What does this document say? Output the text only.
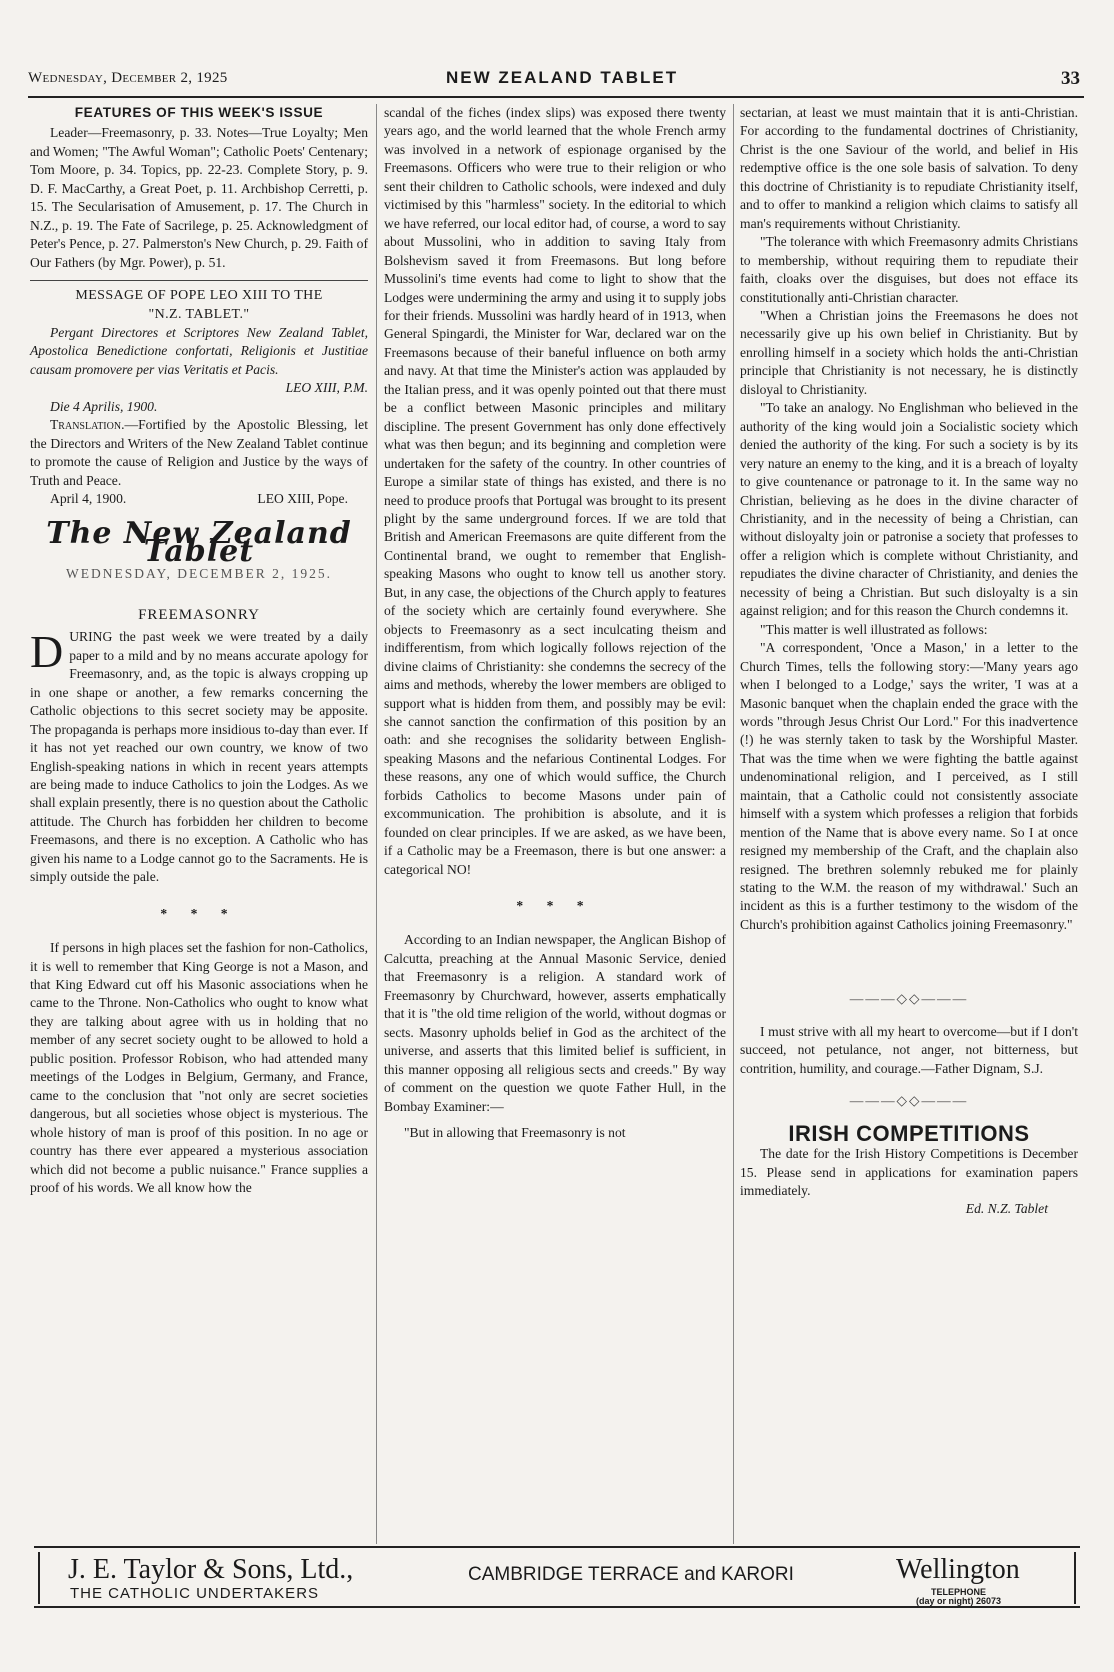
Wednesday, December 2, 1925	NEW ZEALAND TABLET	33
FEATURES OF THIS WEEK'S ISSUE

Leader—Freemasonry, p. 33. Notes—True Loyalty; Men and Women; "The Awful Woman"; Catholic Poets' Centenary; Tom Moore, p. 34. Topics, pp. 22-23. Complete Story, p. 9. D. F. MacCarthy, a Great Poet, p. 11. Archbishop Cerretti, p. 15. The Secularisation of Amusement, p. 17. The Church in N.Z., p. 19. The Fate of Sacrilege, p. 25. Acknowledgment of Peter's Pence, p. 27. Palmerston's New Church, p. 29. Faith of Our Fathers (by Mgr. Power), p. 51.

MESSAGE OF POPE LEO XIII TO THE
"N.Z. TABLET."

Pergant Directores et Scriptores New Zealand Tablet, Apostolica Benedictione confortati, Religionis et Justitiae causam promovere per vias Veritatis et Pacis.

LEO XIII, P.M.

Die 4 Aprilis, 1900.

Translation.—Fortified by the Apostolic Blessing, let the Directors and Writers of the New Zealand Tablet continue to promote the cause of Religion and Justice by the ways of Truth and Peace.

April 4, 1900.	LEO XIII, Pope.
The New Zealand Tablet
WEDNESDAY, DECEMBER 2, 1925.
FREEMASONRY

DURING the past week we were treated by a daily paper to a mild and by no means accurate apology for Freemasonry, and, as the topic is always cropping up in one shape or another, a few remarks concerning the Catholic objections to this secret society may be apposite. The propaganda is perhaps more insidious to-day than ever. If it has not yet reached our own country, we know of two English-speaking nations in which in recent years attempts are being made to induce Catholics to join the Lodges. As we shall explain presently, there is no question about the Catholic attitude. The Church has forbidden her children to become Freemasons, and there is no exception. A Catholic who has given his name to a Lodge cannot go to the Sacraments. He is simply outside the pale.

* * *

If persons in high places set the fashion for non-Catholics, it is well to remember that King George is not a Mason, and that King Edward cut off his Masonic associations when he came to the Throne. Non-Catholics who ought to know what they are talking about agree with us in holding that no member of any secret society ought to be allowed to hold a public position. Professor Robison, who had attended many meetings of the Lodges in Belgium, Germany, and France, came to the conclusion that "not only are secret societies dangerous, but all societies whose object is mysterious. The whole history of man is proof of this position. In no age or country has there ever appeared a mysterious association which did not become a public nuisance." France supplies a proof of his words. We all know how the

scandal of the fiches (index slips) was exposed there twenty years ago, and the world learned that the whole French army was involved in a network of espionage organised by the Freemasons. Officers who were true to their religion or who sent their children to Catholic schools, were indexed and duly victimised by this "harmless" society. In the editorial to which we have referred, our local editor had, of course, a word to say about Mussolini, who in addition to saving Italy from Bolshevism saved it from Freemasons. But long before Mussolini's time events had come to light to show that the Lodges were undermining the army and using it to supply jobs for their friends. Mussolini was hardly heard of in 1913, when General Spingardi, the Minister for War, declared war on the Freemasons because of their baneful influence on both army and navy. At that time the Minister's action was applauded by the Italian press, and it was openly pointed out that there must be a conflict between Masonic principles and military discipline. The present Government has only done effectively what was then begun; and its beginning and completion were undertaken for the safety of the country. In other countries of Europe a similar state of things has existed, and there is no need to produce proofs that Portugal was brought to its present plight by the same underground forces. If we are told that British and American Freemasons are quite different from the Continental brand, we ought to remember that English-speaking Masons who ought to know tell us another story. But, in any case, the objections of the Church apply to features of the society which are certainly found everywhere. She objects to Freemasonry as a sect inculcating theism and indifferentism, from which logically follows rejection of the divine claims of Christianity: she condemns the secrecy of the aims and methods, whereby the lower members are obliged to support what is hidden from them, and possibly may be evil: she cannot sanction the confirmation of this position by an oath: and she recognises the solidarity between English-speaking Masons and the nefarious Continental Lodges. For these reasons, any one of which would suffice, the Church forbids Catholics to become Masons under pain of excommunication. The prohibition is absolute, and it is founded on clear principles. If we are asked, as we have been, if a Catholic may be a Freemason, there is but one answer: a categorical NO!

* * *

According to an Indian newspaper, the Anglican Bishop of Calcutta, preaching at the Annual Masonic Service, denied that Freemasonry is a religion. A standard work of Freemasonry by Churchward, however, asserts emphatically that it is "the old time religion of the world, without dogmas or sects. Masonry upholds belief in God as the architect of the universe, and asserts that this limited belief is sufficient, in this manner opposing all religious sects and creeds." By way of comment on the question we quote Father Hull, in the Bombay Examiner:—

"But in allowing that Freemasonry is not

sectarian, at least we must maintain that it is anti-Christian. For according to the fundamental doctrines of Christianity, Christ is the one Saviour of the world, and belief in His redemptive office is the one sole basis of salvation. To deny this doctrine of Christianity is to repudiate Christianity itself, and to offer to mankind a religion which claims to satisfy all man's requirements without Christianity.

"The tolerance with which Freemasonry admits Christians to membership, without requiring them to repudiate their faith, cloaks over the disguises, but does not efface its constitutionally anti-Christian character.

"When a Christian joins the Freemasons he does not necessarily give up his own belief in Christianity. But by enrolling himself in a society which holds the anti-Christian principle that Christianity is not necessary, he is distinctly disloyal to Christianity.

"To take an analogy. No Englishman who believed in the authority of the king would join a Socialistic society which denied the authority of the king. For such a society is by its very nature an enemy to the king, and it is a breach of loyalty to give countenance or patronage to it. In the same way no Christian, believing as he does in the divine character of Christianity, and in the necessity of being a Christian, can without disloyalty join or patronise a society that professes to offer a religion which is complete without Christianity, and repudiates the divine character of Christianity, and denies the necessity of being a Christian. But such disloyalty is a sin against religion; and for this reason the Church condemns it.

"This matter is well illustrated as follows:

"A correspondent, 'Once a Mason,' in a letter to the Church Times, tells the following story:—'Many years ago when I belonged to a Lodge,' says the writer, 'I was at a Masonic banquet when the chaplain ended the grace with the words "through Jesus Christ Our Lord." For this inadvertence (!) he was sternly taken to task by the Worshipful Master. That was the time when we were fighting the battle against undenominational religion, and I perceived, as I still maintain, that a Catholic could not consistently associate himself with a system which professes a religion that forbids mention of the Name that is above every name. So I at once resigned my membership of the Craft, and the chaplain also resigned. The brethren solemnly rebuked me for plainly stating to the W.M. the reason of my withdrawal.' Such an incident as this is a further testimony to the wisdom of the Church's prohibition against Catholics joining Freemasonry."

———◇◇———

I must strive with all my heart to overcome—but if I don't succeed, not petulance, not anger, not bitterness, but contrition, humility, and courage.—Father Dignam, S.J.

———◇◇———
IRISH COMPETITIONS

The date for the Irish History Competitions is December 15. Please send in applications for examination papers immediately.

Ed. N.Z. Tablet
J. E. Taylor & Sons, Ltd.,
THE CATHOLIC UNDERTAKERS
CAMBRIDGE TERRACE and KARORI	Wellington
TELEPHONE
(day or night) 26073
